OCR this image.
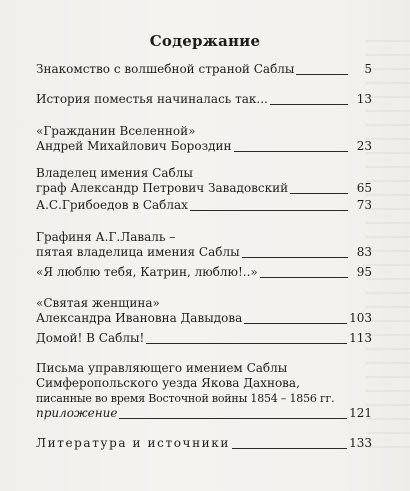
Содержание
Знакомство с волшебной страной Саблы	5
История поместья начиналась так...	13
«Гражданин Вселенной»
Андрей Михайлович Бороздин	23
Владелец имения Саблы
граф Александр Петрович Завадовский	65
А.С.Грибоедов в Саблах	73
Графиня А.Г.Лаваль –
пятая владелица имения Саблы	83
«Я люблю тебя, Катрин, люблю!..»	95
«Святая женщина»
Александра Ивановна Давыдова	103
Домой! В Саблы!	113
Письма управляющего имением Саблы
Симферопольского уезда Якова Дахнова,
писанные во время Восточной войны 1854 – 1856 гг.
приложение	121
Литература и источники	133
